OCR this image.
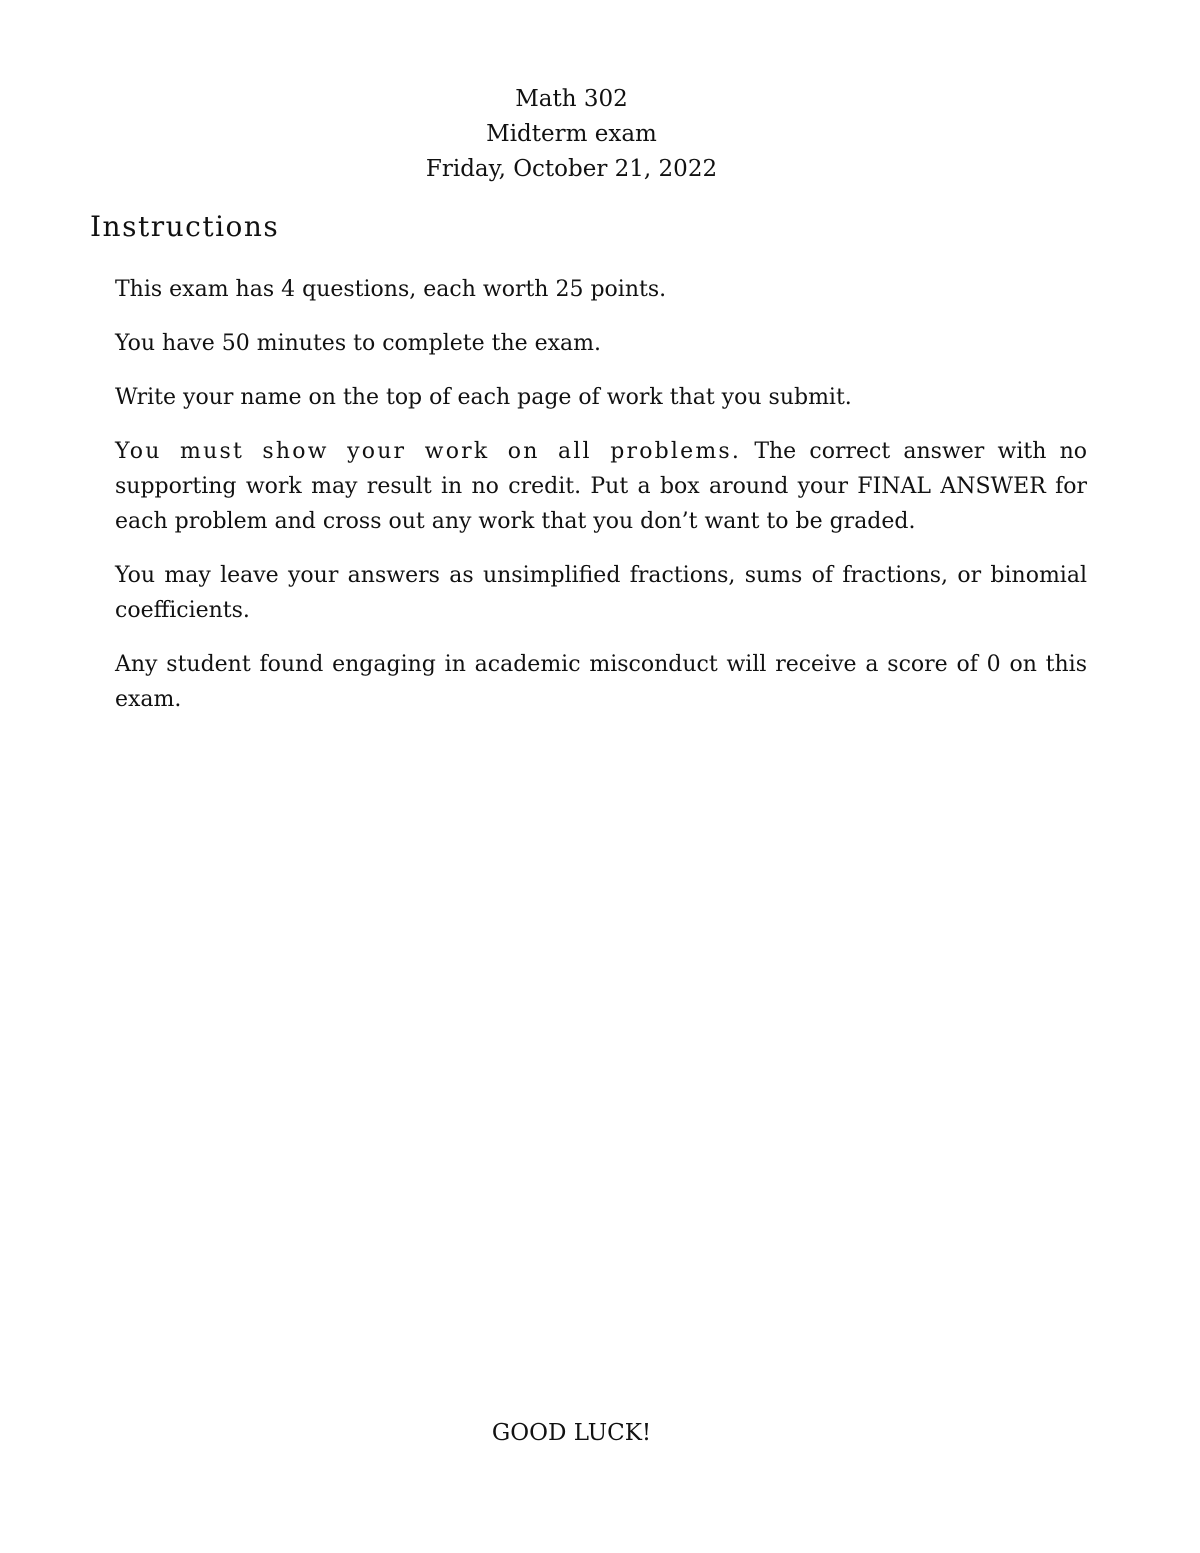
Math 302
Midterm exam
Friday, October 21, 2022
Instructions

This exam has 4 questions, each worth 25 points.

You have 50 minutes to complete the exam.

Write your name on the top of each page of work that you submit.

You must show your work on all problems. The correct answer with no supporting work may result in no credit. Put a box around your FINAL ANSWER for each problem and cross out any work that you don’t want to be graded.

You may leave your answers as unsimplified fractions, sums of fractions, or binomial coefficients.

Any student found engaging in academic misconduct will receive a score of 0 on this exam.

GOOD LUCK!
